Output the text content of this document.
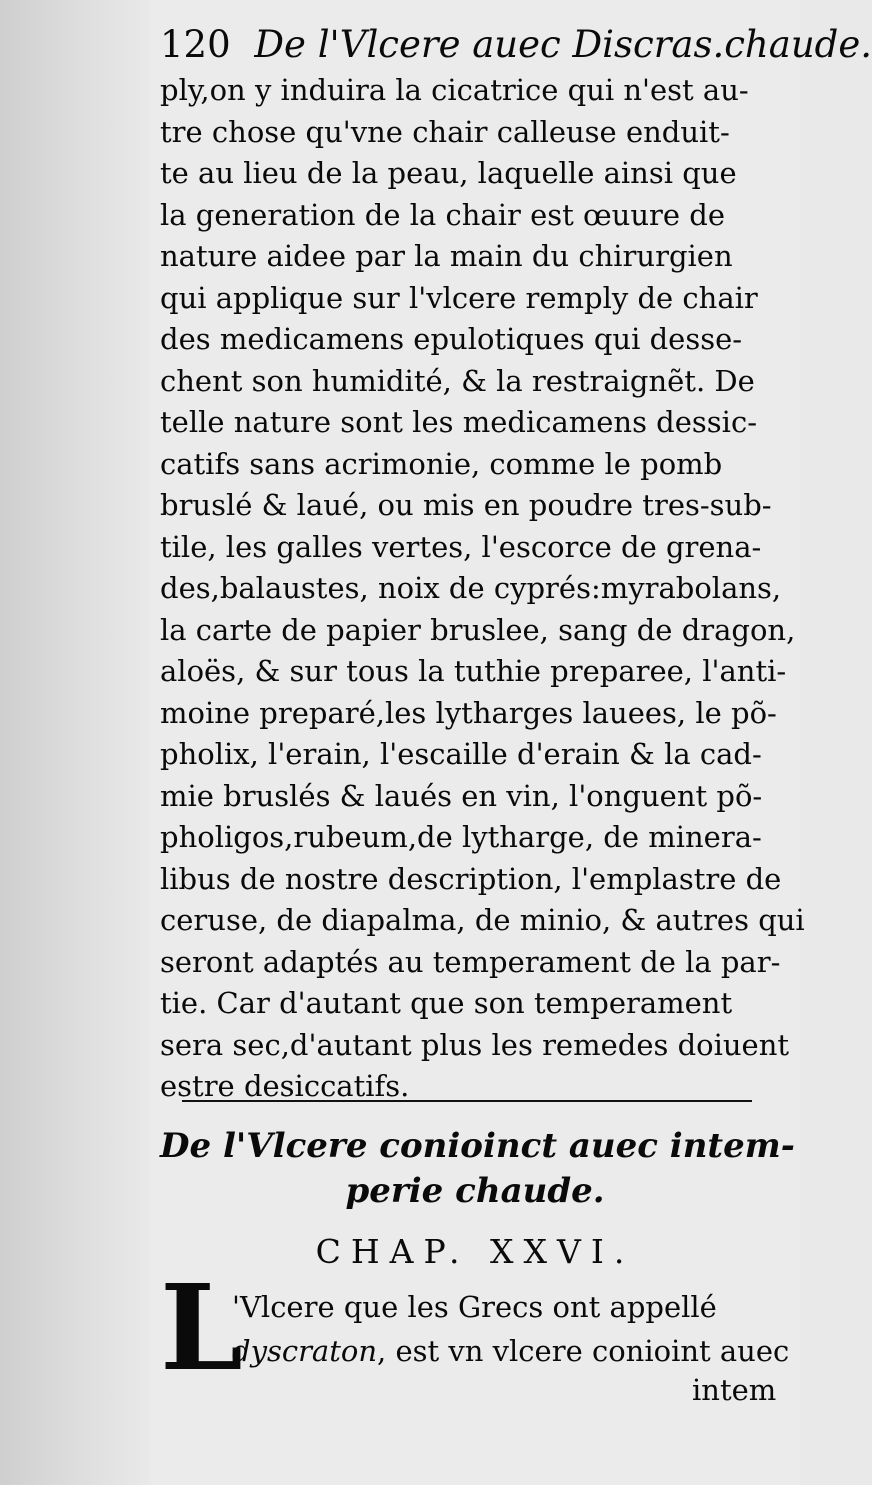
120 De l'Vlcere auec Discras.chaude.
ply,on y induira la cicatrice qui n'est au-
tre chose qu'vne chair calleuse enduit-
te au lieu de la peau, laquelle ainsi que
la generation de la chair est œuure de
nature aidee par la main du chirurgien
qui applique sur l'vlcere remply de chair
des medicamens epulotiques qui desse-
chent son humidité, & la restraignẽt. De
telle nature sont les medicamens dessic-
catifs sans acrimonie, comme le pomb
bruslé & laué, ou mis en poudre tres-sub-
tile, les galles vertes, l'escorce de grena-
des,balaustes, noix de cyprés:myrabolans,
la carte de papier bruslee, sang de dragon,
aloës, & sur tous la tuthie preparee, l'anti-
moine preparé,les lytharges lauees, le põ-
pholix, l'erain, l'escaille d'erain & la cad-
mie bruslés & laués en vin, l'onguent põ-
pholigos,rubeum,de lytharge, de minera-
libus de nostre description, l'emplastre de
ceruse, de diapalma, de minio, & autres qui
seront adaptés au temperament de la par-
tie. Car d'autant que son temperament
sera sec,d'autant plus les remedes doiuent
estre desiccatifs.
De l'Vlcere conioinct auec intem-
perie chaude.
CHAP. XXVI.
L
'Vlcere que les Grecs ont appellé
dyscraton, est vn vlcere conioint auec
intem
